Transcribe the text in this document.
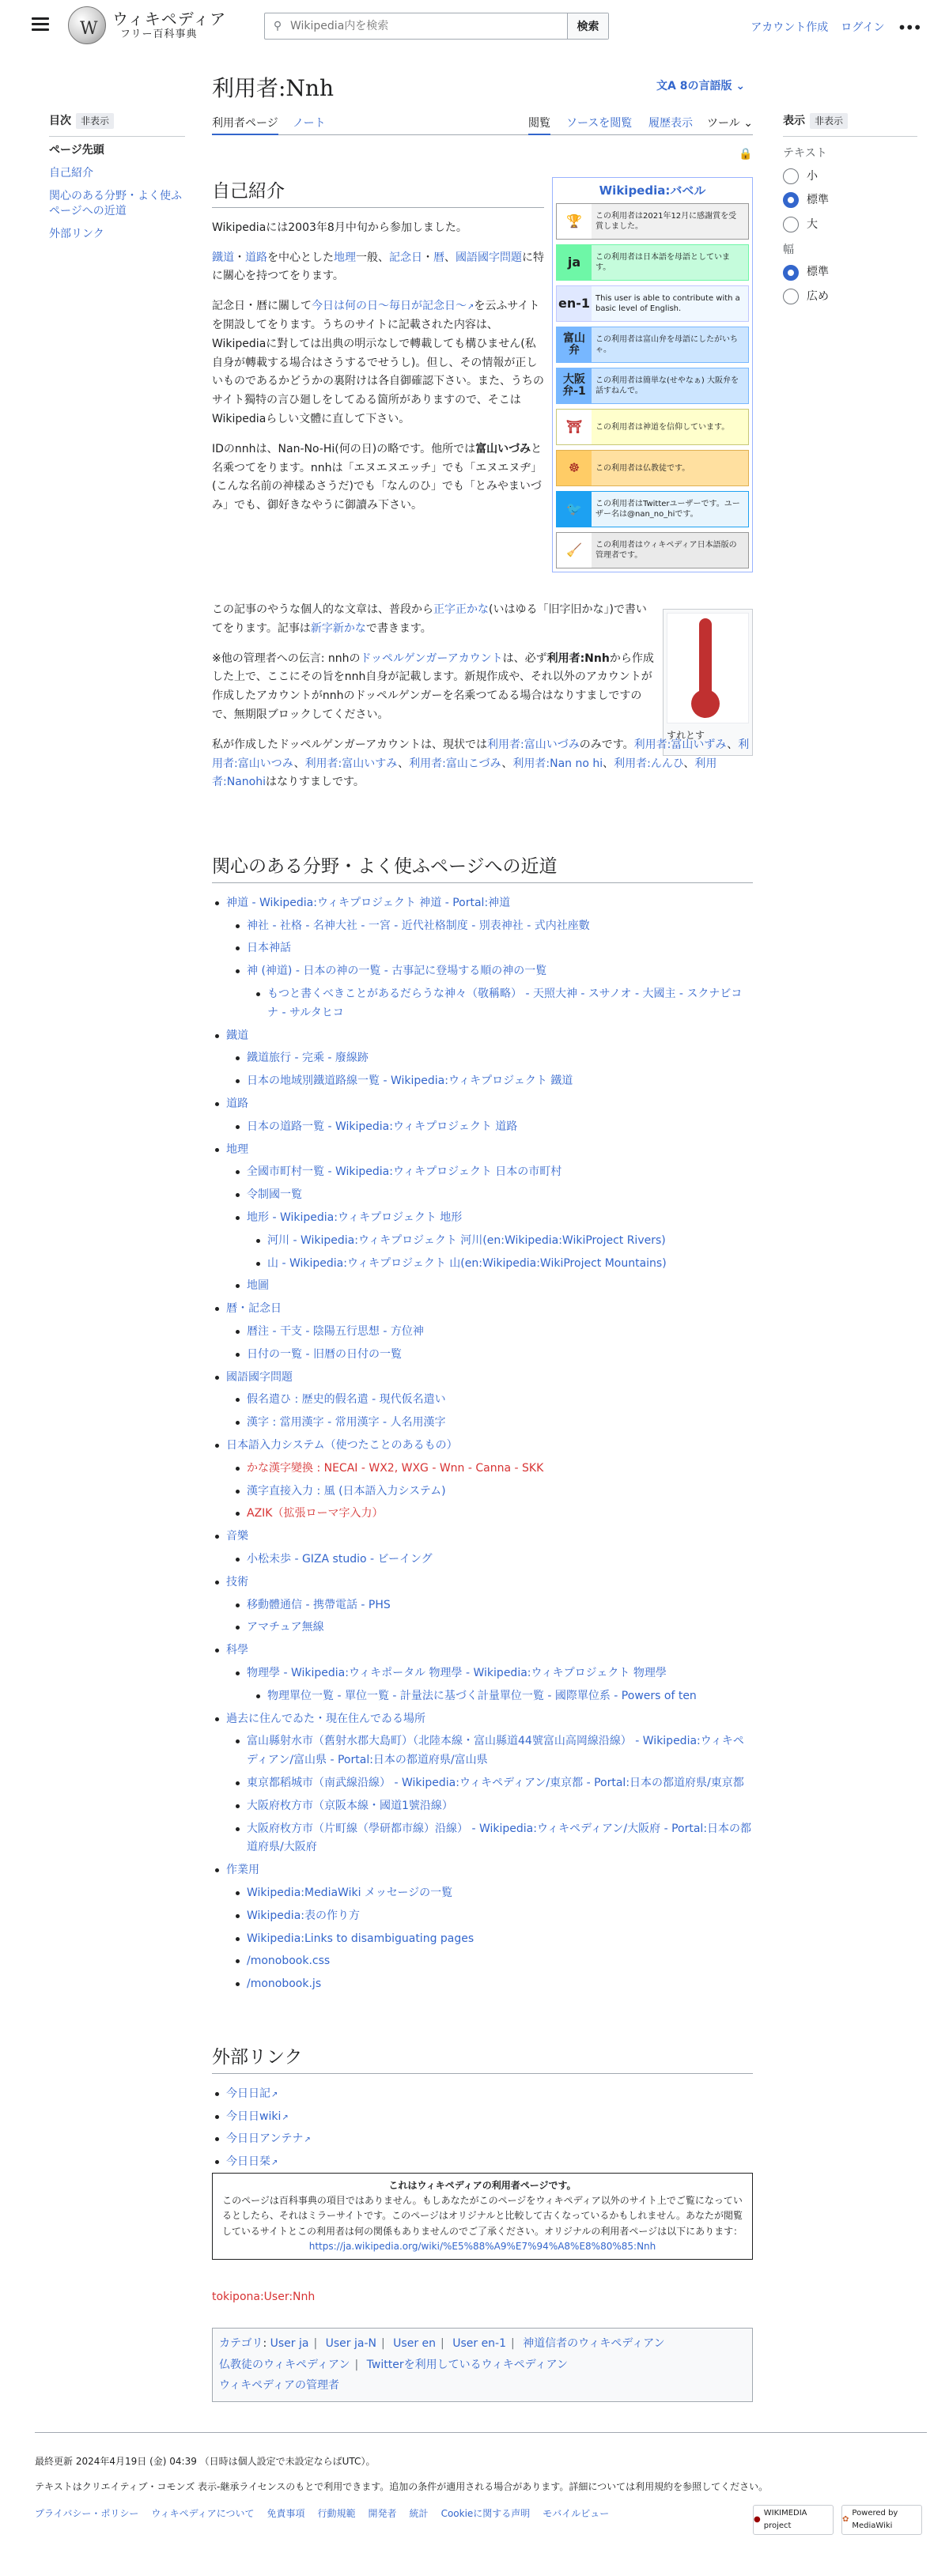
W
ウィキペディア
フリー百科事典
⚲
Wikipedia内を検索	検索	アカウント作成 ログイン •••
利用者:Nnh	文A 8の言語版 ⌄
利用者ページ ノート	閲覧 ソースを閲覧 履歴表示 ツール ⌄
🔒
目次 非表示
ページ先頭
自己紹介
関心のある分野・よく使ふページへの近道
外部リンク
表示 非表示
テキスト
小
標準
大
幅
標準
広め
自己紹介

Wikipediaには2003年8月中旬から参加しました。

鐵道・道路を中心とした地理一般、記念日・暦、國語國字問題に特に關心を持つてをります。

記念日・暦に關して今日は何の日〜毎日が記念日〜 ↗ を云ふサイトを開設してをります。うちのサイトに記載された内容は、Wikipediaに對しては出典の明示なしで轉載しても構ひません(私自身が轉載する場合はさうするでせうし)。但し、その情報が正しいものであるかどうかの裏附けは各自御確認下さい。また、うちのサイト獨特の言ひ廻しをしてゐる箇所がありますので、そこはWikipediaらしい文體に直して下さい。

IDのnnhは、Nan-No-Hi(何の日)の略です。他所では富山いづみと名乘つてをります。nnhは「エヌエヌエッチ」でも「エヌエヌヂ」(こんな名前の神樣ゐさうだ)でも「なんのひ」でも「とみやまいづみ」でも、御好きなやうに御讀み下さい。

Wikipedia:バベル
🏆	この利用者は2021年12月に感謝賞を受賞しました。
ja	この利用者は日本語を母語としています。
en-1 This user is able to contribute with a basic level of English.
富山
弁
この利用者は富山弁を母語にしたがいちゃ。
大阪
弁-1
この利用者は簡単な(せやなぁ) 大阪弁を話すねんで。
⛩	この利用者は神道を信仰しています。
☸	この利用者は仏教徒です。
🐦	この利用者はTwitterユーザーです。ユーザー名は@nan_no_hiです。
🧹	この利用者はウィキペディア日本語版の管理者です。
すれとす

この記事のやうな個人的な文章は、普段から正字正かな(いはゆる「旧字旧かな」)で書いてをります。記事は新字新かなで書きます。

※他の管理者への伝言: nnhのドッペルゲンガーアカウントは、必ず利用者:Nnhから作成した上で、ここにその旨をnnh自身が記載します。新規作成や、それ以外のアカウントが作成したアカウントがnnhのドッペルゲンガーを名乘つてゐる場合はなりすましですので、無期限ブロックしてください。

私が作成したドッペルゲンガーアカウントは、現状では利用者:富山いづみのみです。利用者:富山いずみ、利用者:富山いつみ、利用者:富山いすみ、利用者:富山こづみ、利用者:Nan no hi、利用者:んんひ、利用者:Nanohiはなりすましです。

関心のある分野・よく使ふページへの近道
神道 - Wikipedia:ウィキプロジェクト 神道 - Portal:神道
神社 - 社格 - 名神大社 - 一宮 - 近代社格制度 - 別表神社 - 式内社座數
日本神話
神 (神道) - 日本の神の一覧 - 古事記に登場する順の神の一覧
もつと書くべきことがあるだらうな神々（敬稱略） - 天照大神 - スサノオ - 大國主 - スクナビコナ - サルタヒコ
鐵道
鐵道旅行 - 完乘 - 廢線跡
日本の地域別鐵道路線一覧 - Wikipedia:ウィキプロジェクト 鐵道
道路
日本の道路一覧 - Wikipedia:ウィキプロジェクト 道路
地理
全國市町村一覧 - Wikipedia:ウィキプロジェクト 日本の市町村
令制國一覧
地形 - Wikipedia:ウィキプロジェクト 地形
河川 - Wikipedia:ウィキプロジェクト 河川(en:Wikipedia:WikiProject Rivers)
山 - Wikipedia:ウィキプロジェクト 山(en:Wikipedia:WikiProject Mountains)
地圖
暦・記念日
暦注 - 干支 - 陰陽五行思想 - 方位神
日付の一覧 - 旧暦の日付の一覧
國語國字問題
假名遣ひ : 歴史的假名遣 - 現代仮名遣い
漢字 : 當用漢字 - 常用漢字 - 人名用漢字
日本語入力システム（使つたことのあるもの）
かな漢字變換 : NECAI - WX2, WXG - Wnn - Canna - SKK
漢字直接入力 : 風 (日本語入力システム)
AZIK（拡張ローマ字入力）
音樂
小松未歩 - GIZA studio - ビーイング
技術
移動體通信 - 携帶電話 - PHS
アマチュア無線
科學
物理學 - Wikipedia:ウィキポータル 物理學 - Wikipedia:ウィキプロジェクト 物理學
物理單位一覧 - 單位一覧 - 計量法に基づく計量單位一覧 - 國際單位系 - Powers of ten
過去に住んでゐた・現在住んでゐる場所
富山縣射水市（舊射水郡大島町）（北陸本線・富山縣道44號富山高岡線沿線） - Wikipedia:ウィキペディアン/富山県 - Portal:日本の都道府県/富山県
東京都稻城市（南武線沿線） - Wikipedia:ウィキペディアン/東京都 - Portal:日本の都道府県/東京都
大阪府枚方市（京阪本線・國道1號沿線）
大阪府枚方市（片町線（學研都市線）沿線） - Wikipedia:ウィキペディアン/大阪府 - Portal:日本の都道府県/大阪府
作業用
Wikipedia:MediaWiki メッセージの一覧
Wikipedia:表の作り方
Wikipedia:Links to disambiguating pages
/monobook.css
/monobook.js
外部リンク
今日日記 ↗
今日日wiki ↗
今日日アンテナ ↗
今日日栞 ↗
これはウィキペディアの利用者ページです。
このページは百科事典の項目ではありません。もしあなたがこのページをウィキペディア以外のサイト上でご覧になっているとしたら、それはミラーサイトです。このページはオリジナルと比較して古くなっているかもしれません。あなたが閲覧しているサイトとこの利用者は何の関係もありませんのでご了承ください。オリジナルの利用者ページは以下にあります：
https://ja.wikipedia.org/wiki/%E5%88%A9%E7%94%A8%E8%80%85:Nnh
tokipona:User:Nnh
カテゴリ: User ja | User ja-N | User en | User en-1 | 神道信者のウィキペディアン
仏教徒のウィキペディアン | Twitterを利用しているウィキペディアン
ウィキペディアの管理者
最終更新 2024年4月19日 (金) 04:39 （日時は個人設定で未設定ならばUTC）。
テキストはクリエイティブ・コモンズ 表示-継承ライセンスのもとで利用できます。追加の条件が適用される場合があります。詳細については利用規約を参照してください。
プライバシー・ポリシー ウィキペディアについて 免責事項 行動規範 開発者 統計 Cookieに関する声明 モバイルビュー
●
WIKIMEDIA project
✿
Powered by MediaWiki
